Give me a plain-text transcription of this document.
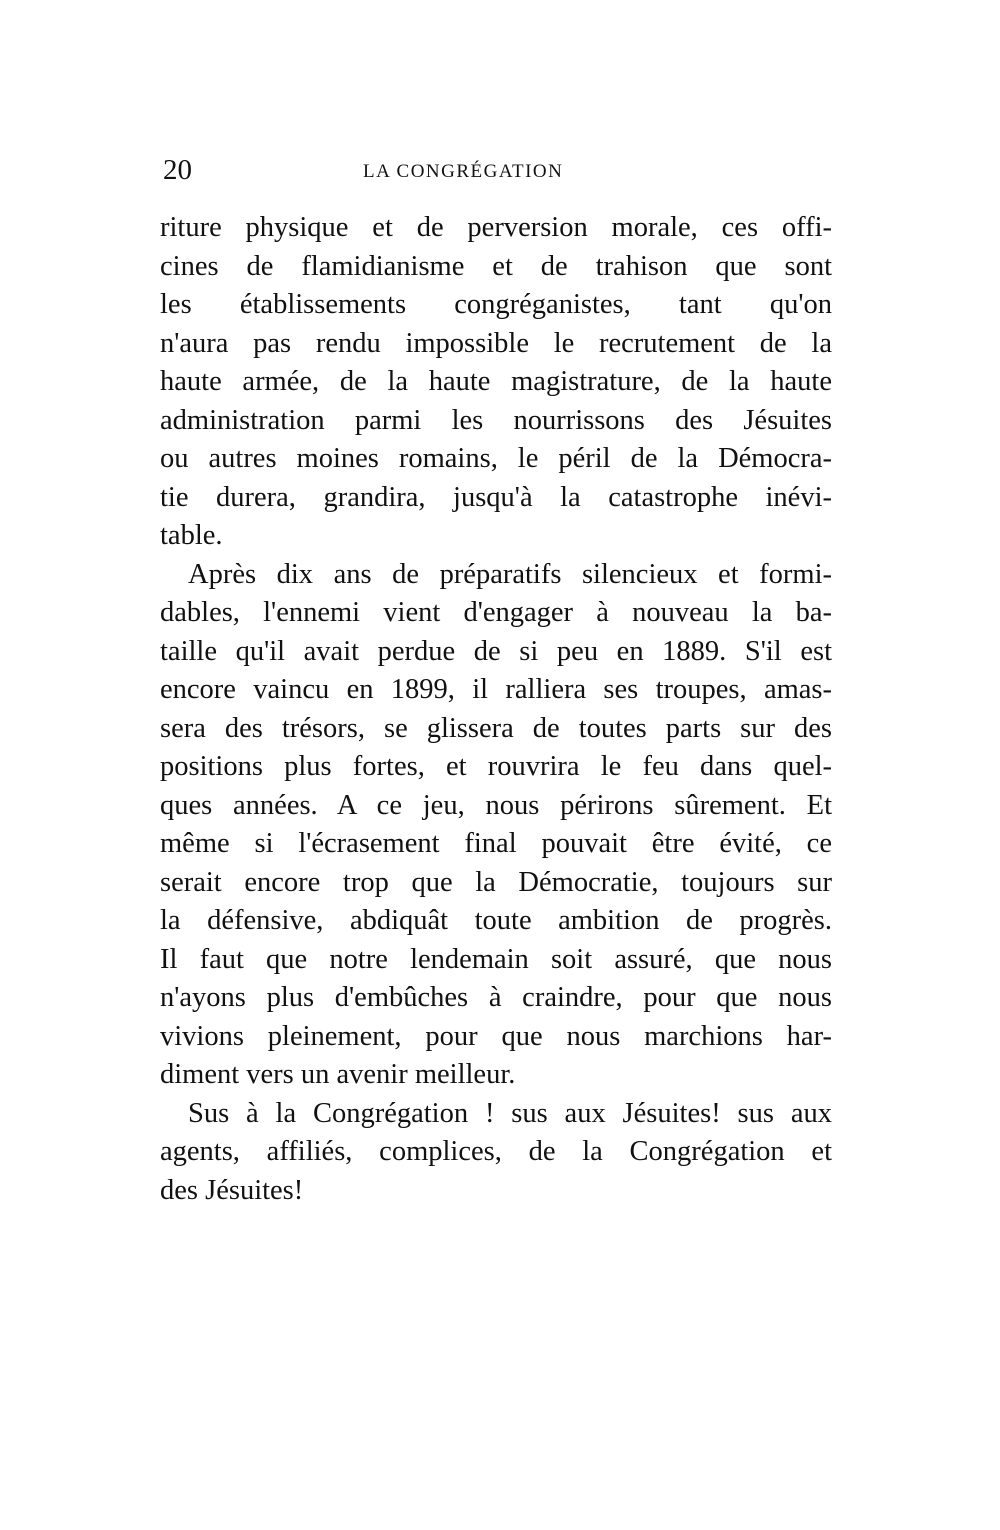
20	LA CONGRÉGATION

riture physique et de perversion morale, ces offi-
cines de flamidianisme et de trahison que sont
les établissements congréganistes, tant qu'on
n'aura pas rendu impossible le recrutement de la
haute armée, de la haute magistrature, de la haute
administration parmi les nourrissons des Jésuites
ou autres moines romains, le péril de la Démocra-
tie durera, grandira, jusqu'à la catastrophe inévi-
table.

Après dix ans de préparatifs silencieux et formi-
dables, l'ennemi vient d'engager à nouveau la ba-
taille qu'il avait perdue de si peu en 1889. S'il est
encore vaincu en 1899, il ralliera ses troupes, amas-
sera des trésors, se glissera de toutes parts sur des
positions plus fortes, et rouvrira le feu dans quel-
ques années. A ce jeu, nous périrons sûrement. Et
même si l'écrasement final pouvait être évité, ce
serait encore trop que la Démocratie, toujours sur
la défensive, abdiquât toute ambition de progrès.
Il faut que notre lendemain soit assuré, que nous
n'ayons plus d'embûches à craindre, pour que nous
vivions pleinement, pour que nous marchions har-
diment vers un avenir meilleur.

Sus à la Congrégation ! sus aux Jésuites! sus aux
agents, affiliés, complices, de la Congrégation et
des Jésuites!
